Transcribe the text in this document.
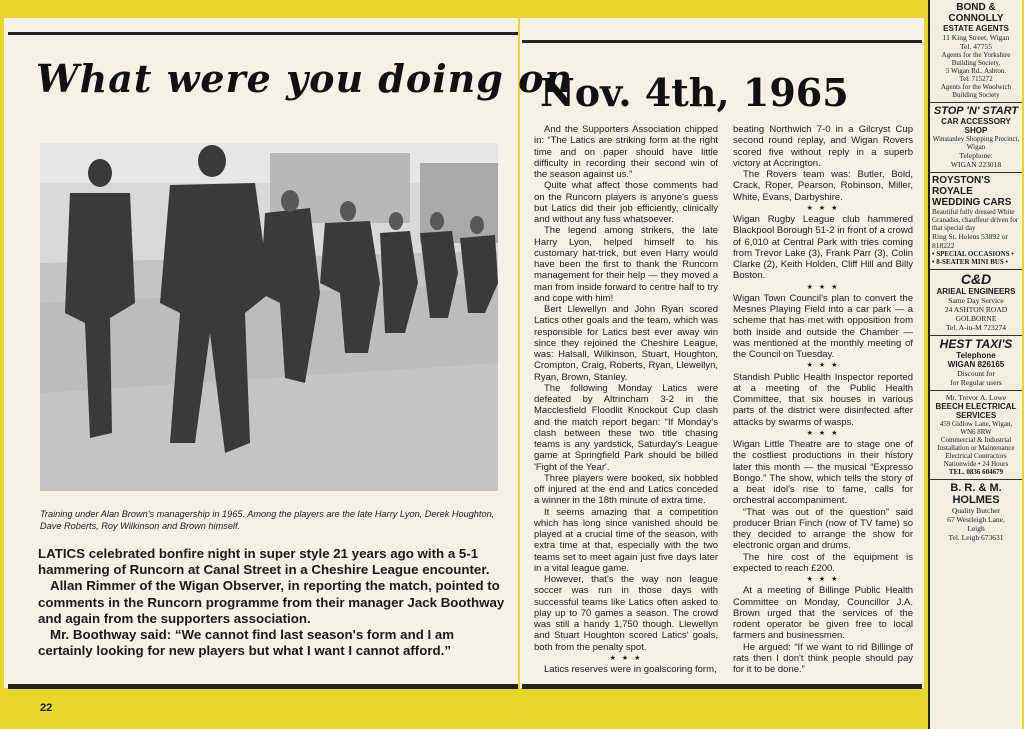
What were you doing on
Nov. 4th, 1965
Training under Alan Brown's managership in 1965. Among the players are the late Harry Lyon, Derek Houghton, Dave Roberts, Roy Wilkinson and Brown himself.

LATICS celebrated bonfire night in super style 21 years ago with a 5-1 hammering of Runcorn at Canal Street in a Cheshire League encounter.

Allan Rimmer of the Wigan Observer, in reporting the match, pointed to comments in the Runcorn programme from their manager Jack Boothway and again from the supporters association.

Mr. Boothway said: “We cannot find last season's form and I am certainly looking for new players but what I want I cannot afford.”

22

And the Supporters Association chipped in: “The Latics are striking form at the right time and on paper should have little difficulty in recording their second win of the season against us.”

Quite what affect those comments had on the Runcorn players is anyone's guess but Latics did their job efficiently, clinically and without any fuss whatsoever.

The legend among strikers, the late Harry Lyon, helped himself to his customary hat-trick, but even Harry would have been the first to thank the Runcorn management for their help — they moved a man from inside forward to centre half to try and cope with him!

Bert Llewellyn and John Ryan scored Latics other goals and the team, which was responsible for Latics best ever away win since they rejoined the Cheshire League, was: Halsall, Wilkinson, Stuart, Houghton, Crompton, Craig, Roberts, Ryan, Llewellyn, Ryan, Brown, Stanley.

The following Monday Latics were defeated by Altrincham 3-2 in the Macclesfield Floodlit Knockout Cup clash and the match report began: “If Monday's clash between these two title chasing teams is any yardstick, Saturday's League game at Springfield Park should be billed 'Fight of the Year'.

Three players were booked, six hobbled off injured at the end and Latics conceded a winner in the 18th minute of extra time.

It seems amazing that a competition which has long since vanished should be played at a crucial time of the season, with extra time at that, especially with the two teams set to meet again just five days later in a vital league game.

However, that's the way non league soccer was run in those days with successful teams like Latics often asked to play up to 70 games a season. The crowd was still a handy 1,750 though. Llewellyn and Stuart Houghton scored Latics' goals, both from the penalty spot.

★ ★ ★

Latics reserves were in goalscoring form,

beating Northwich 7-0 in a Gilcryst Cup second round replay, and Wigan Rovers scored five without reply in a superb victory at Accrington.

The Rovers team was: Butler, Bold, Crack, Roper, Pearson, Robinson, Miller, White, Evans, Darbyshire.

★ ★ ★

Wigan Rugby League club hammered Blackpool Borough 51-2 in front of a crowd of 6,010 at Central Park with tries coming from Trevor Lake (3), Frank Parr (3), Colin Clarke (2), Keith Holden, Cliff Hill and Billy Boston.

★ ★ ★

Wigan Town Council's plan to convert the Mesnes Playing Field into a car park — a scheme that has met with opposition from both inside and outside the Chamber — was mentioned at the monthly meeting of the Council on Tuesday.

★ ★ ★

Standish Public Health Inspector reported at a meeting of the Public Health Committee, that six houses in various parts of the district were disinfected after attacks by swarms of wasps.

★ ★ ★

Wigan Little Theatre are to stage one of the costliest productions in their history later this month — the musical “Expresso Bongo.” The show, which tells the story of a beat idol's rise to fame, calls for orchestral accompaniment.

“That was out of the question” said producer Brian Finch (now of TV fame) so they decided to arrange the show for electronic organ and drums.

The hire cost of the equipment is expected to reach £200.

★ ★ ★

At a meeting of Billinge Public Health Committee on Monday, Councillor J.A. Brown urged that the services of the rodent operator be given free to local farmers and businessmen.

He argued: “If we want to rid Billinge of rats then I don't think people should pay for it to be done.”

BOND & CONNOLLY
ESTATE AGENTS
11 King Street, Wigan
Tel. 47755
Agents for the Yorkshire Building Society,
5 Wigan Rd., Ashton.
Tel. 715272
Agents for the Woolwich Building Society
STOP 'N' START
CAR ACCESSORY SHOP
Winstanley Shopping Precinct, Wigan
Telephone:
WIGAN 223018
ROYSTON'S ROYALE WEDDING CARS
Beautiful fully dressed White Granadas, chauffeur driven for that special day
Ring St. Helens 53892 or 818222
• SPECIAL OCCASIONS •
• 8-SEATER MINI BUS •
C&D
ARIEAL ENGINEERS
Same Day Service
24 ASHTON ROAD
GOLBORNE
Tel. A-in-M 723274
HEST TAXI'S
Telephone
WIGAN 826165
Discount for
for Regular users
Mr. Trevor A. Lowe
BEECH ELECTRICAL SERVICES
459 Gidlow Lane, Wigan, WN6 8RW
Commercial & Industrial Installation or Maintenance Electrical Contractors Nationwide • 24 Hours
TEL. 0836 604679
B. R. & M. HOLMES
Quality Butcher
67 Westleigh Lane,
Leigh
Tel. Leigh 673631
